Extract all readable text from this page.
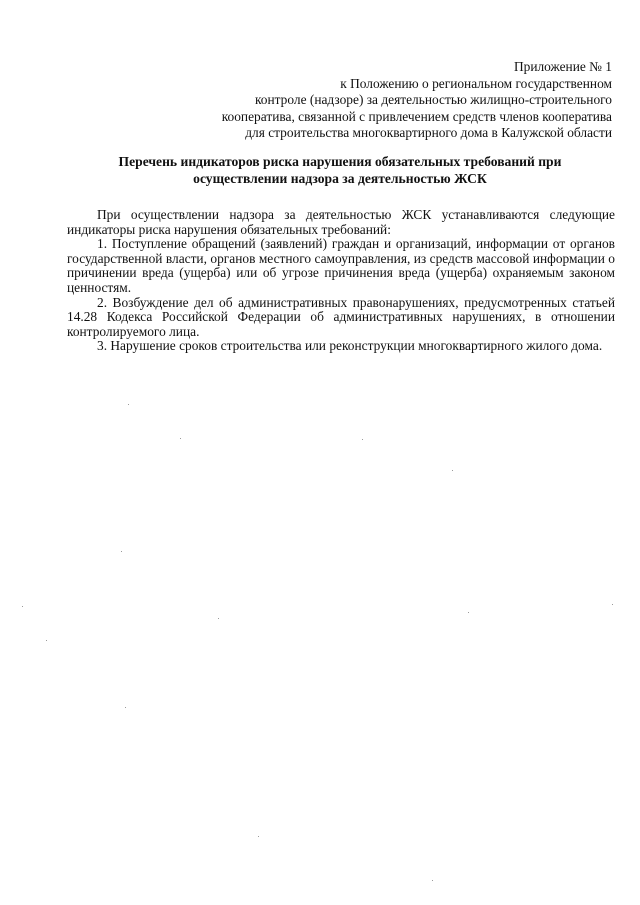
Приложение № 1
к Положению о региональном государственном
контроле (надзоре) за деятельностью жилищно-строительного
кооператива, связанной с привлечением средств членов кооператива
для строительства многоквартирного дома в Калужской области
Перечень индикаторов риска нарушения обязательных требований при
осуществлении надзора за деятельностью ЖСК
При осуществлении надзора за деятельностью ЖСК устанавливаются следующие индикаторы риска нарушения обязательных требований:
1. Поступление обращений (заявлений) граждан и организаций, информации от органов государственной власти, органов местного самоуправления, из средств массовой информации о причинении вреда (ущерба) или об угрозе причинения вреда (ущерба) охраняемым законом ценностям.
2. Возбуждение дел об административных правонарушениях, предусмотренных статьей 14.28 Кодекса Российской Федерации об административных нарушениях, в отношении контролируемого лица.
3. Нарушение сроков строительства или реконструкции многоквартирного жилого дома.
